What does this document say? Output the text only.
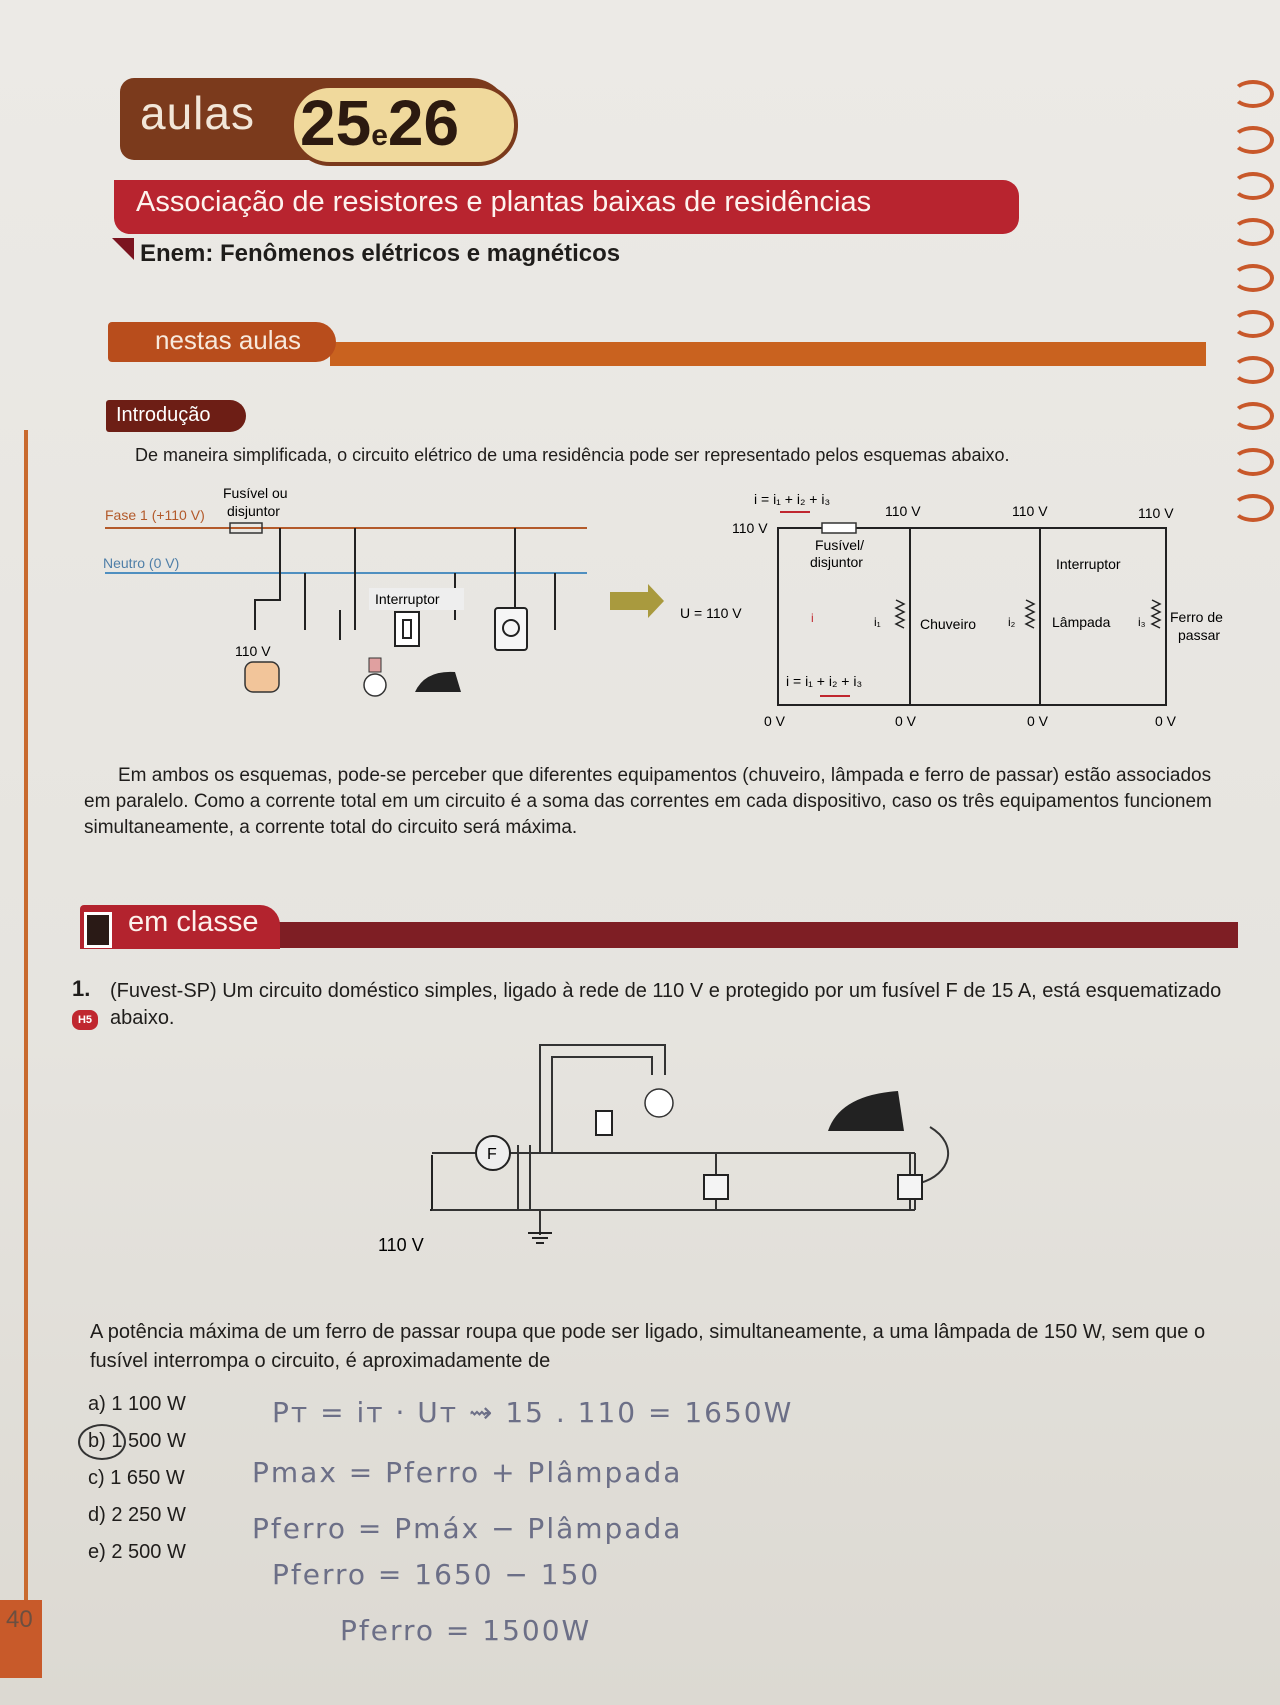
aulas 25e26
Associação de resistores e plantas baixas de residências
Enem: Fenômenos elétricos e magnéticos
nestas aulas
Introdução
De maneira simplificada, o circuito elétrico de uma residência pode ser representado pelos esquemas abaixo.
Fusível ou
disjuntor
Fase 1 (+110 V)
Neutro (0 V)
Interruptor
110 V
i = i₁ + i₂ + i₃
110 V
110 V	110 V	110 V
Fusível/
disjuntor	Interruptor
U = 110 V	i	i₁	i₂	i₃
Chuveiro	Lâmpada	Ferro de
passar
i = i₁ + i₂ + i₃
0 V	0 V	0 V	0 V
Em ambos os esquemas, pode-se perceber que diferentes equipamentos (chuveiro, lâmpada e ferro de passar) estão associados em paralelo. Como a corrente total em um circuito é a soma das correntes em cada dispositivo, caso os três equipamentos funcionem simultaneamente, a corrente total do circuito será máxima.
em classe
1.
H5
(Fuvest-SP) Um circuito doméstico simples, ligado à rede de 110 V e protegido por um fusível F de 15 A, está esquematizado abaixo.
F
110 V
A potência máxima de um ferro de passar roupa que pode ser ligado, simultaneamente, a uma lâmpada de 150 W, sem que o fusível interrompa o circuito, é aproximadamente de
a) 1 100 W
b) 1 500 W
c) 1 650 W
d) 2 250 W
e) 2 500 W
Pт = iт · Uт ⇝ 15 . 110 = 1650W
Pmax = Pferro + Plâmpada
Pferro = Pmáx − Plâmpada
Pferro = 1650 − 150
Pferro = 1500W
40
